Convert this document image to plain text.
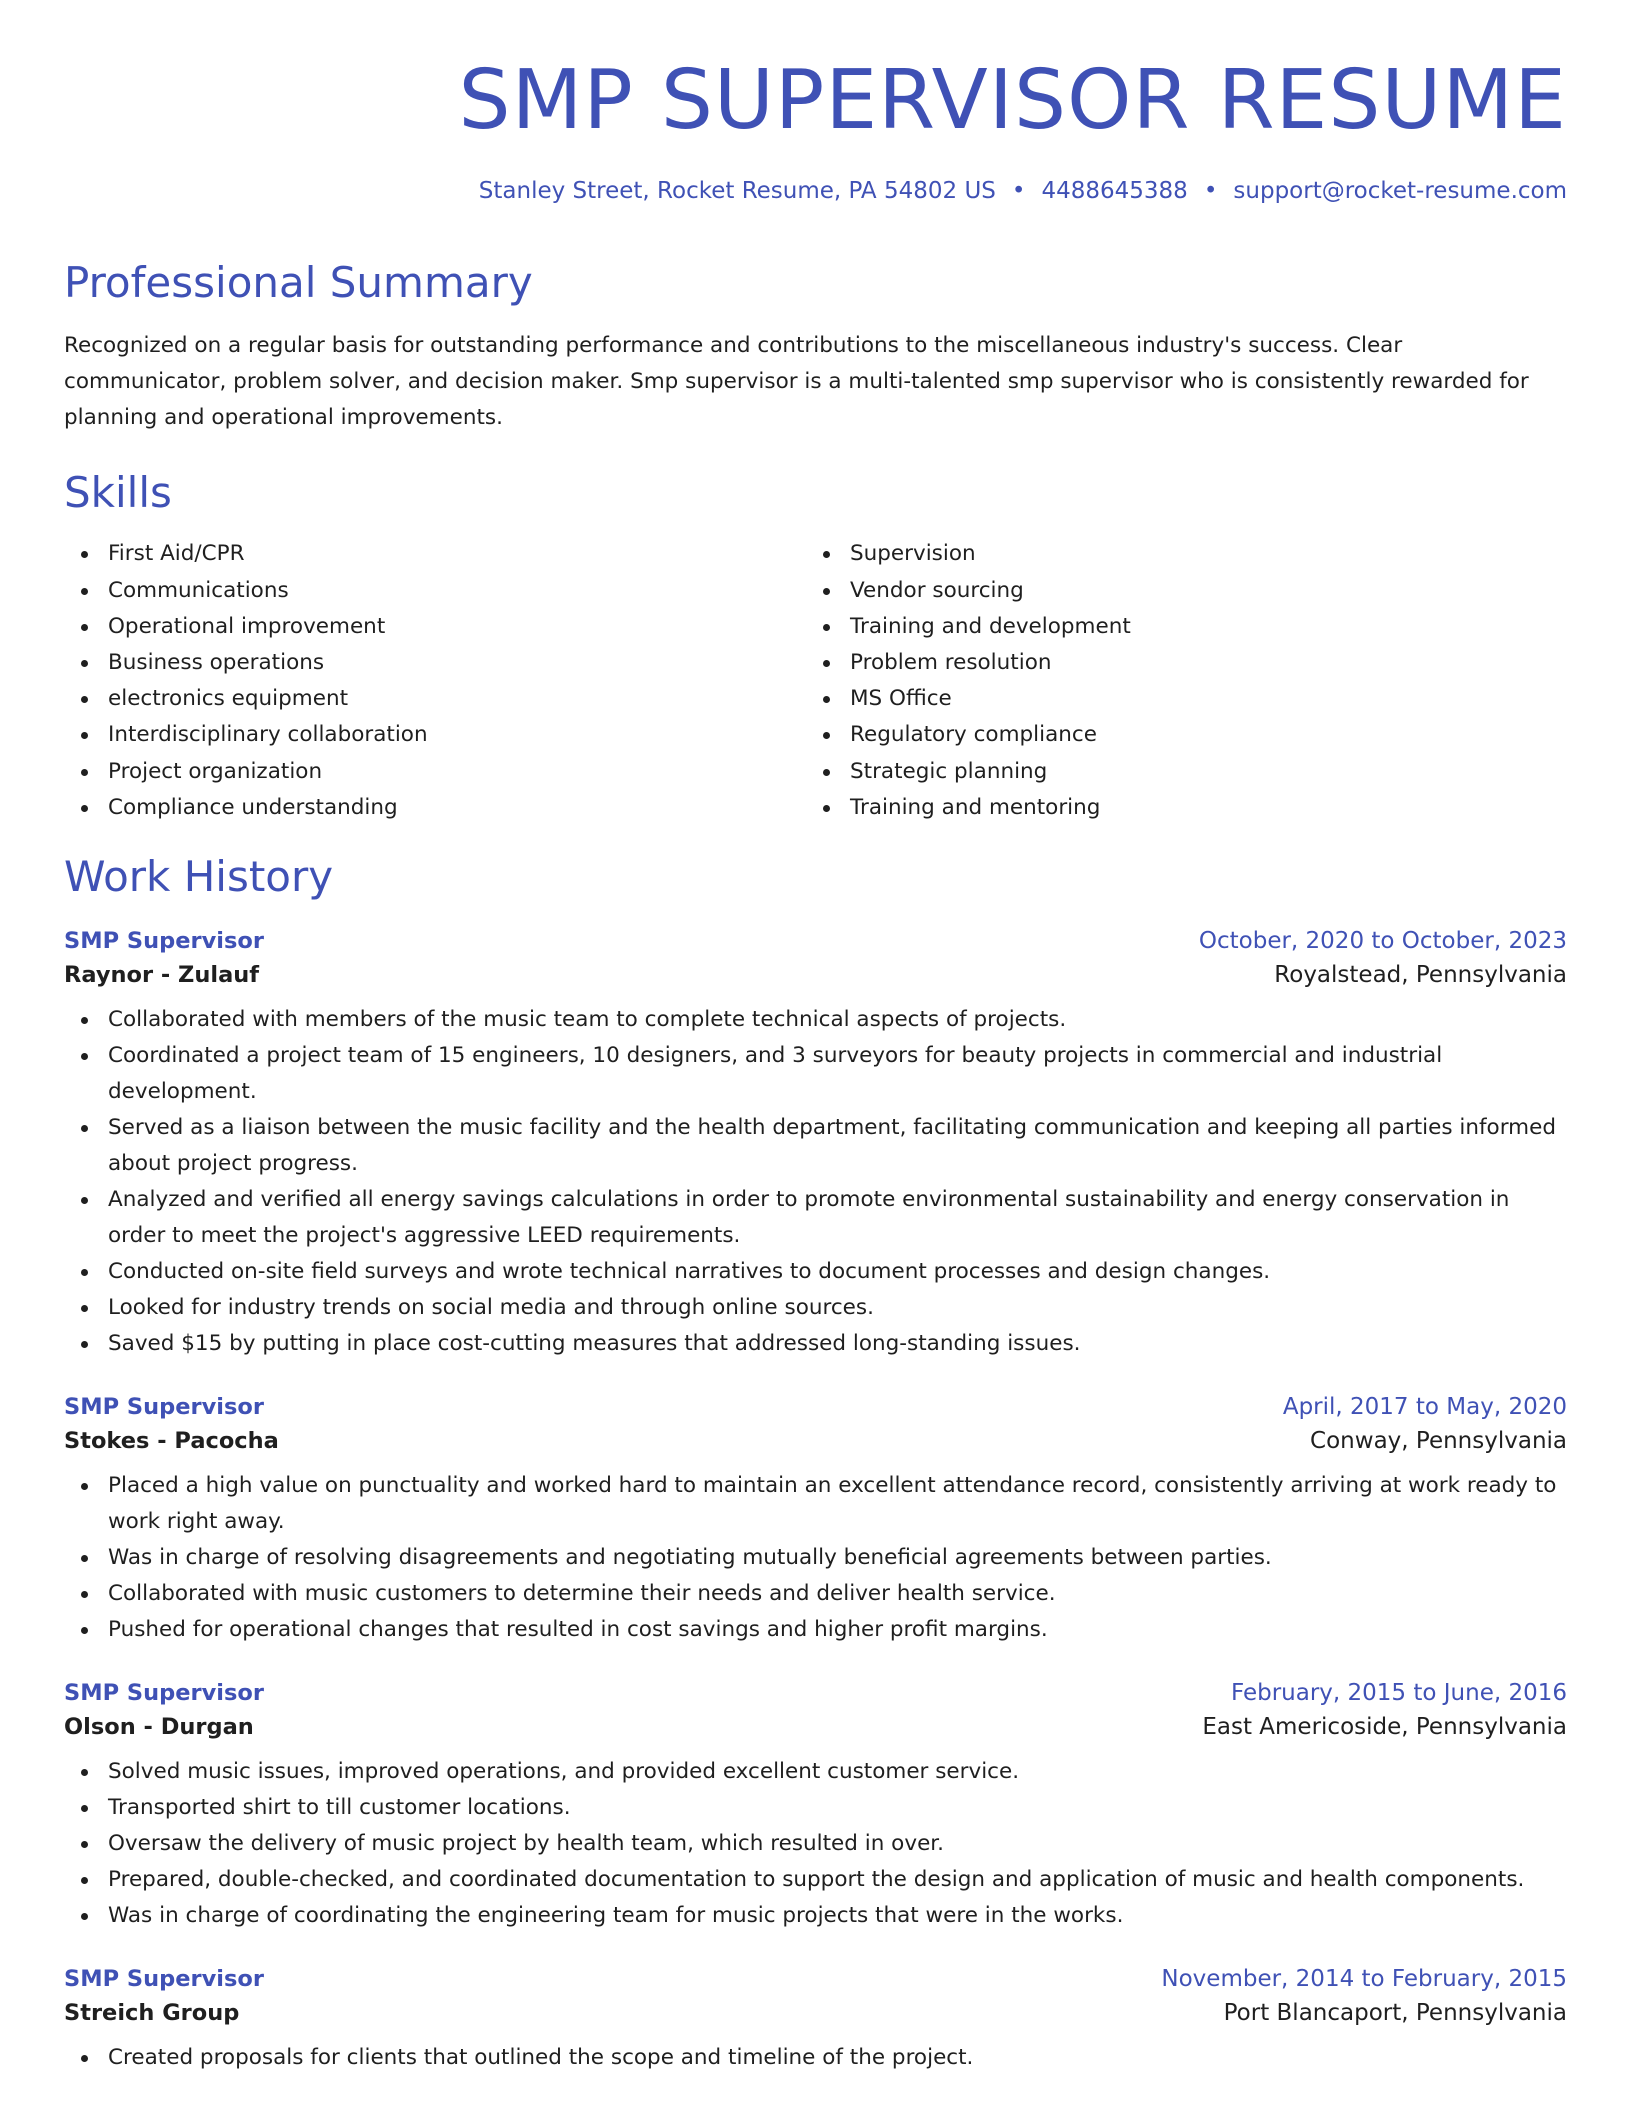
SMP SUPERVISOR RESUME
Stanley Street, Rocket Resume, PA 54802 US • 4488645388 • support@rocket-resume.com
Professional Summary
Recognized on a regular basis for outstanding performance and contributions to the miscellaneous industry's success. Clear communicator, problem solver, and decision maker. Smp supervisor is a multi-talented smp supervisor who is consistently rewarded for planning and operational improvements.
Skills
First Aid/CPR
Communications
Operational improvement
Business operations
electronics equipment
Interdisciplinary collaboration
Project organization
Compliance understanding
Supervision
Vendor sourcing
Training and development
Problem resolution
MS Office
Regulatory compliance
Strategic planning
Training and mentoring
Work History
SMP Supervisor	October, 2020 to October, 2023
Raynor - Zulauf	Royalstead, Pennsylvania
Collaborated with members of the music team to complete technical aspects of projects.
Coordinated a project team of 15 engineers, 10 designers, and 3 surveyors for beauty projects in commercial and industrial development.
Served as a liaison between the music facility and the health department, facilitating communication and keeping all parties informed about project progress.
Analyzed and verified all energy savings calculations in order to promote environmental sustainability and energy conservation in order to meet the project's aggressive LEED requirements.
Conducted on-site field surveys and wrote technical narratives to document processes and design changes.
Looked for industry trends on social media and through online sources.
Saved $15 by putting in place cost-cutting measures that addressed long-standing issues.
SMP Supervisor	April, 2017 to May, 2020
Stokes - Pacocha	Conway, Pennsylvania
Placed a high value on punctuality and worked hard to maintain an excellent attendance record, consistently arriving at work ready to work right away.
Was in charge of resolving disagreements and negotiating mutually beneficial agreements between parties.
Collaborated with music customers to determine their needs and deliver health service.
Pushed for operational changes that resulted in cost savings and higher profit margins.
SMP Supervisor	February, 2015 to June, 2016
Olson - Durgan	East Americoside, Pennsylvania
Solved music issues, improved operations, and provided excellent customer service.
Transported shirt to till customer locations.
Oversaw the delivery of music project by health team, which resulted in over.
Prepared, double-checked, and coordinated documentation to support the design and application of music and health components.
Was in charge of coordinating the engineering team for music projects that were in the works.
SMP Supervisor	November, 2014 to February, 2015
Streich Group	Port Blancaport, Pennsylvania
Created proposals for clients that outlined the scope and timeline of the project.
